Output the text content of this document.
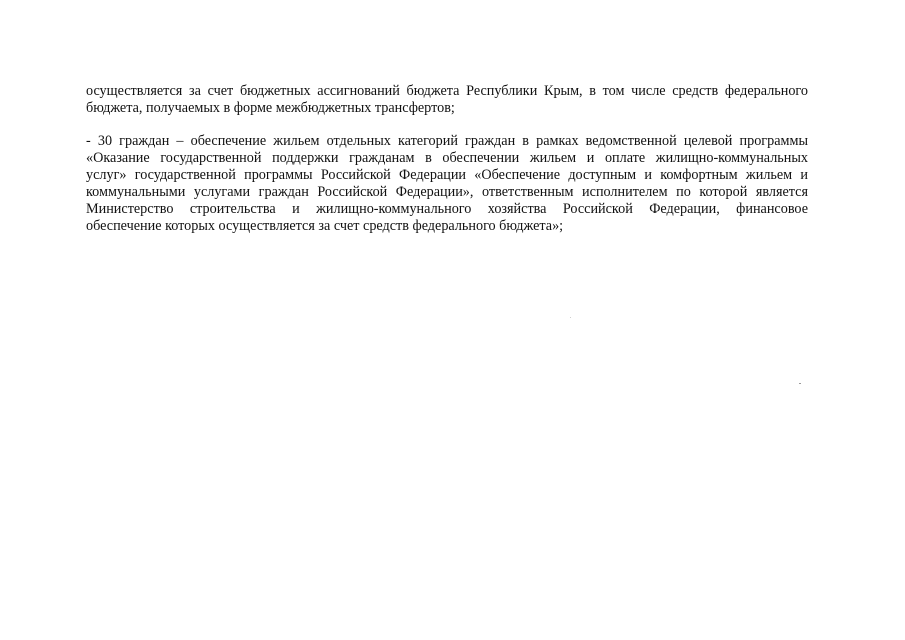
осуществляется за счет бюджетных ассигнований бюджета Республики Крым, в том числе средств федерального
бюджета, получаемых в форме межбюджетных трансфертов;
- 30 граждан – обеспечение жильем отдельных категорий граждан в рамках ведомственной целевой программы
«Оказание государственной поддержки гражданам в обеспечении жильем и оплате жилищно-коммунальных
услуг» государственной программы Российской Федерации «Обеспечение доступным и комфортным жильем и
коммунальными услугами граждан Российской Федерации», ответственным исполнителем по которой является
Министерство строительства и жилищно-коммунального хозяйства Российской Федерации, финансовое
обеспечение которых осуществляется за счет средств федерального бюджета»;
